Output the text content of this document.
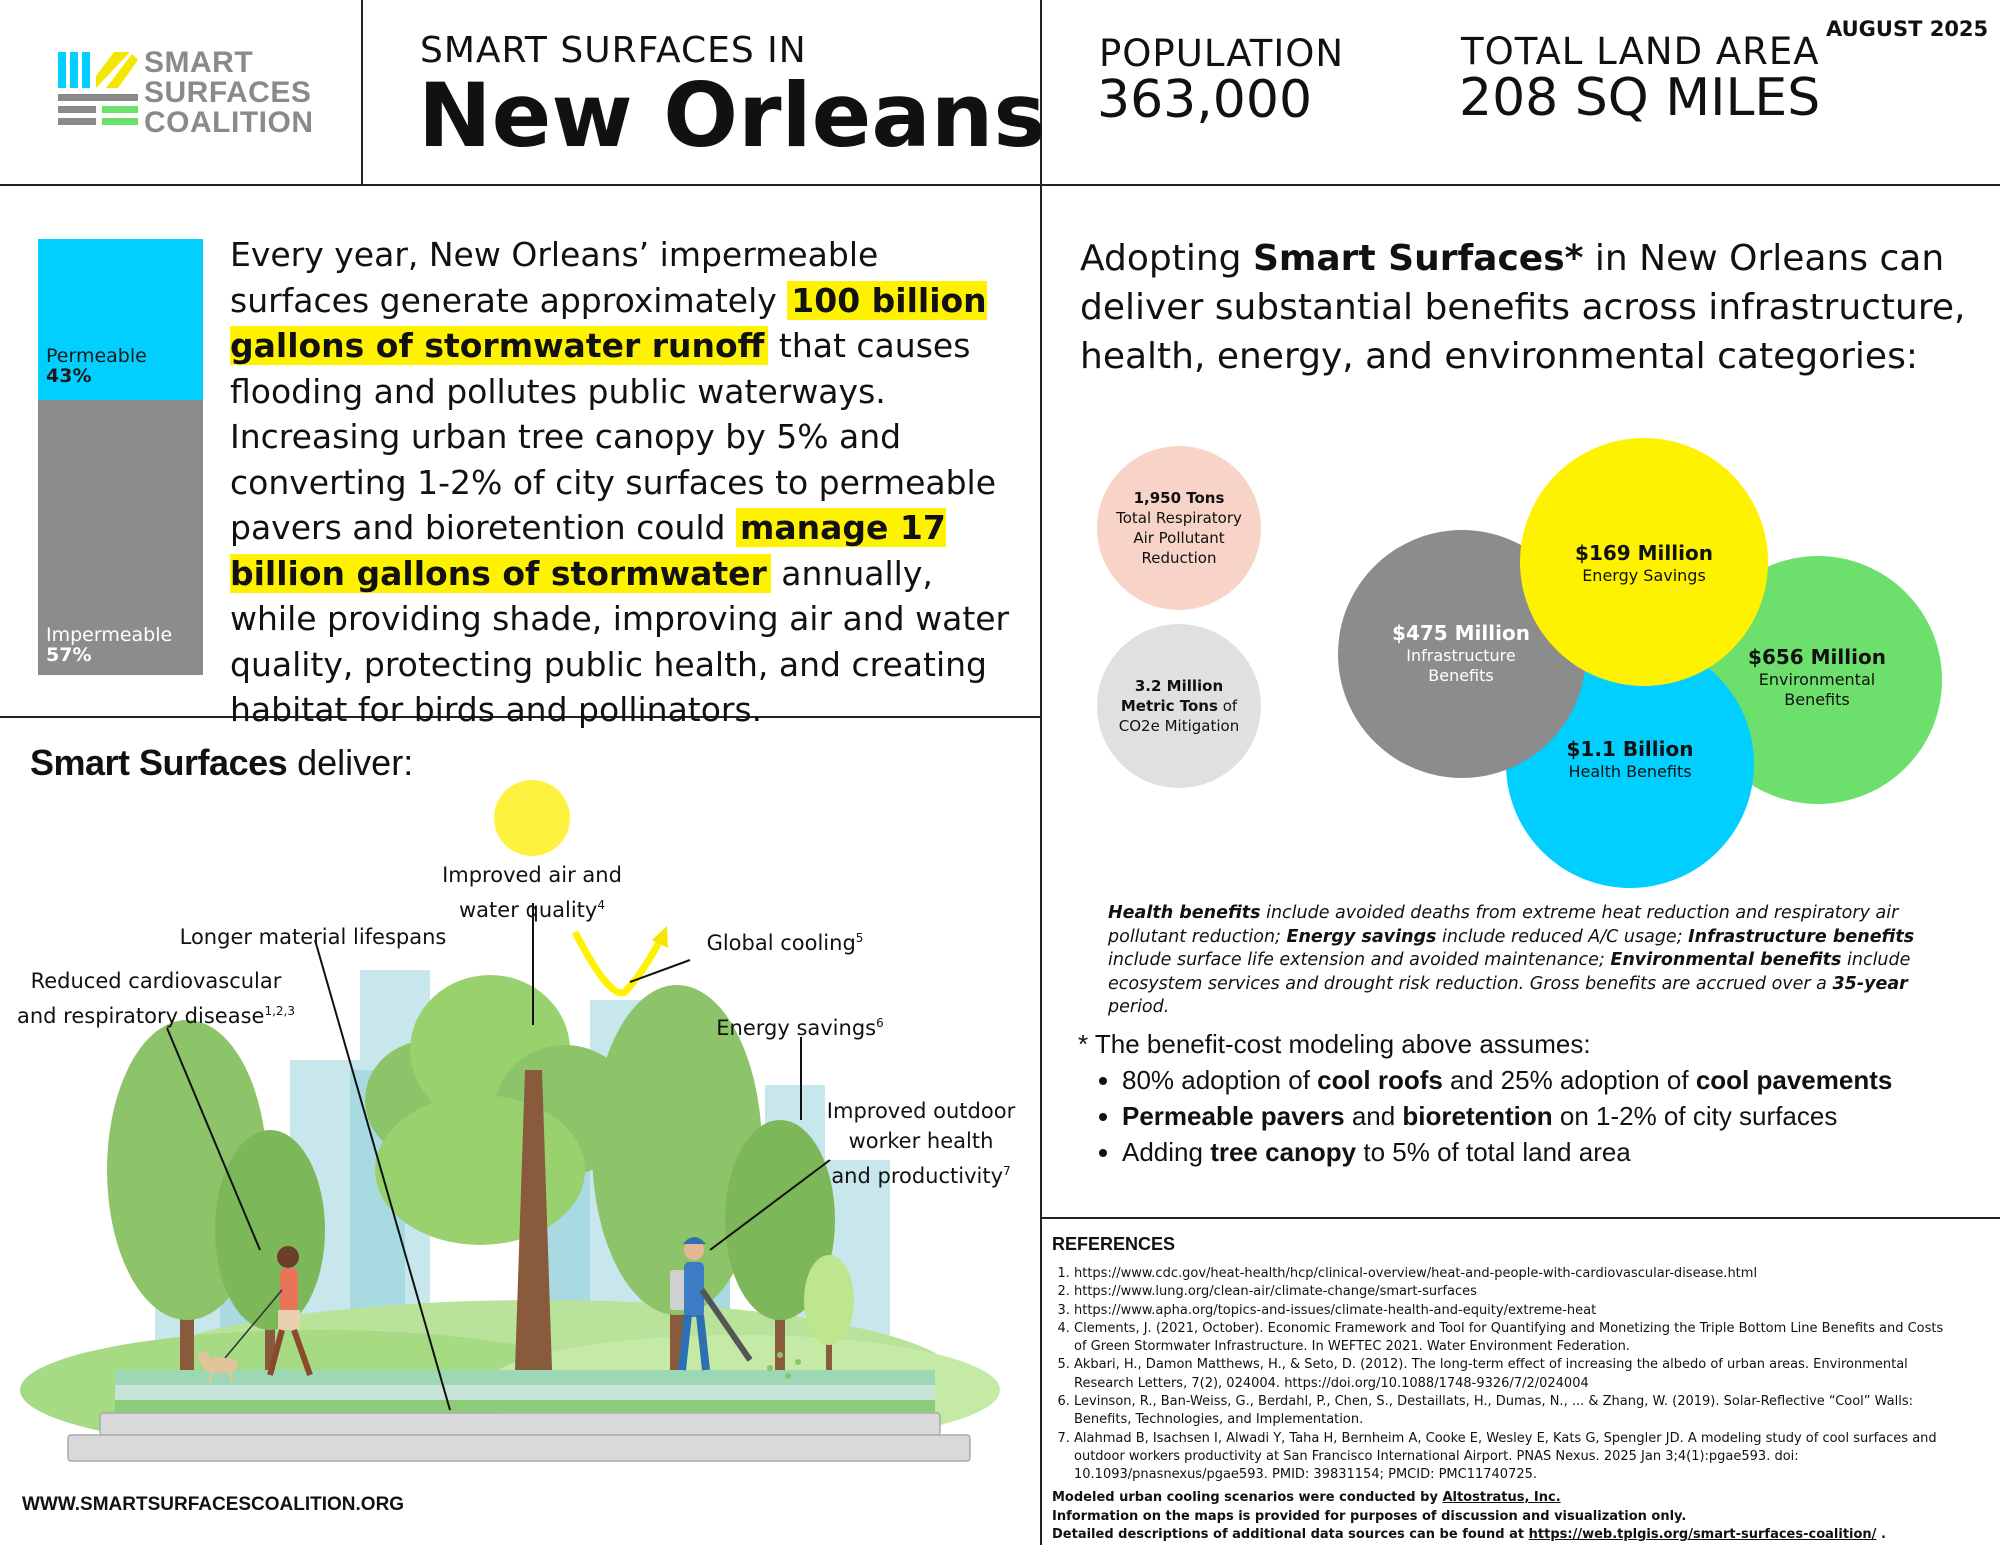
SMART
SURFACES
COALITION
SMART SURFACES IN
New Orleans
POPULATION
363,000
TOTAL LAND AREA
208 SQ MILES
AUGUST 2025
Permeable
43%
Impermeable
57%
Every year, New Orleans’ impermeable surfaces generate approximately 100 billion gallons of stormwater runoff that causes flooding and pollutes public waterways. Increasing urban tree canopy by 5% and converting 1-2% of city surfaces to permeable pavers and bioretention could manage 17 billion gallons of stormwater annually, while providing shade, improving air and water quality, protecting public health, and creating habitat for birds and pollinators.
Smart Surfaces deliver:
Improved air and water quality$^4$
Longer material lifespans	Global cooling$^5$
Reduced cardiovascular and respiratory disease$^{1,2,3}$
Energy savings$^6$
Improved outdoor worker health and productivity$^7$
WWW.SMARTSURFACESCOALITION.ORG
Adopting Smart Surfaces* in New Orleans can deliver substantial benefits across infrastructure, health, energy, and environmental categories:
1,950 Tons
Total Respiratory Air Pollutant Reduction
3.2 Million Metric Tons of CO2e Mitigation
$475 Million
Infrastructure Benefits
$169 Million
Energy Savings
$656 Million
Environmental Benefits
$1.1 Billion
Health Benefits
Health benefits include avoided deaths from extreme heat reduction and respiratory air pollutant reduction; Energy savings include reduced A/C usage; Infrastructure benefits include surface life extension and avoided maintenance; Environmental benefits include ecosystem services and drought risk reduction. Gross benefits are accrued over a 35-year period.
* The benefit-cost modeling above assumes:
• 80% adoption of cool roofs and 25% adoption of cool pavements
• Permeable pavers and bioretention on 1-2% of city surfaces
• Adding tree canopy to 5% of total land area
REFERENCES
1. https://www.cdc.gov/heat-health/hcp/clinical-overview/heat-and-people-with-cardiovascular-disease.html
2. https://www.lung.org/clean-air/climate-change/smart-surfaces
3. https://www.apha.org/topics-and-issues/climate-health-and-equity/extreme-heat
4. Clements, J. (2021, October). Economic Framework and Tool for Quantifying and Monetizing the Triple Bottom Line Benefits and Costs of Green Stormwater Infrastructure. In WEFTEC 2021. Water Environment Federation.
5. Akbari, H., Damon Matthews, H., & Seto, D. (2012). The long-term effect of increasing the albedo of urban areas. Environmental Research Letters, 7(2), 024004. https://doi.org/10.1088/1748-9326/7/2/024004
6. Levinson, R., Ban-Weiss, G., Berdahl, P., Chen, S., Destaillats, H., Dumas, N., ... & Zhang, W. (2019). Solar-Reflective “Cool” Walls: Benefits, Technologies, and Implementation.
7. Alahmad B, Isachsen I, Alwadi Y, Taha H, Bernheim A, Cooke E, Wesley E, Kats G, Spengler JD. A modeling study of cool surfaces and outdoor workers productivity at San Francisco International Airport. PNAS Nexus. 2025 Jan 3;4(1):pgae593. doi: 10.1093/pnasnexus/pgae593. PMID: 39831154; PMCID: PMC11740725.
Modeled urban cooling scenarios were conducted by Altostratus, Inc.
Information on the maps is provided for purposes of discussion and visualization only.
Detailed descriptions of additional data sources can be found at https://web.tplgis.org/smart-surfaces-coalition/ .
